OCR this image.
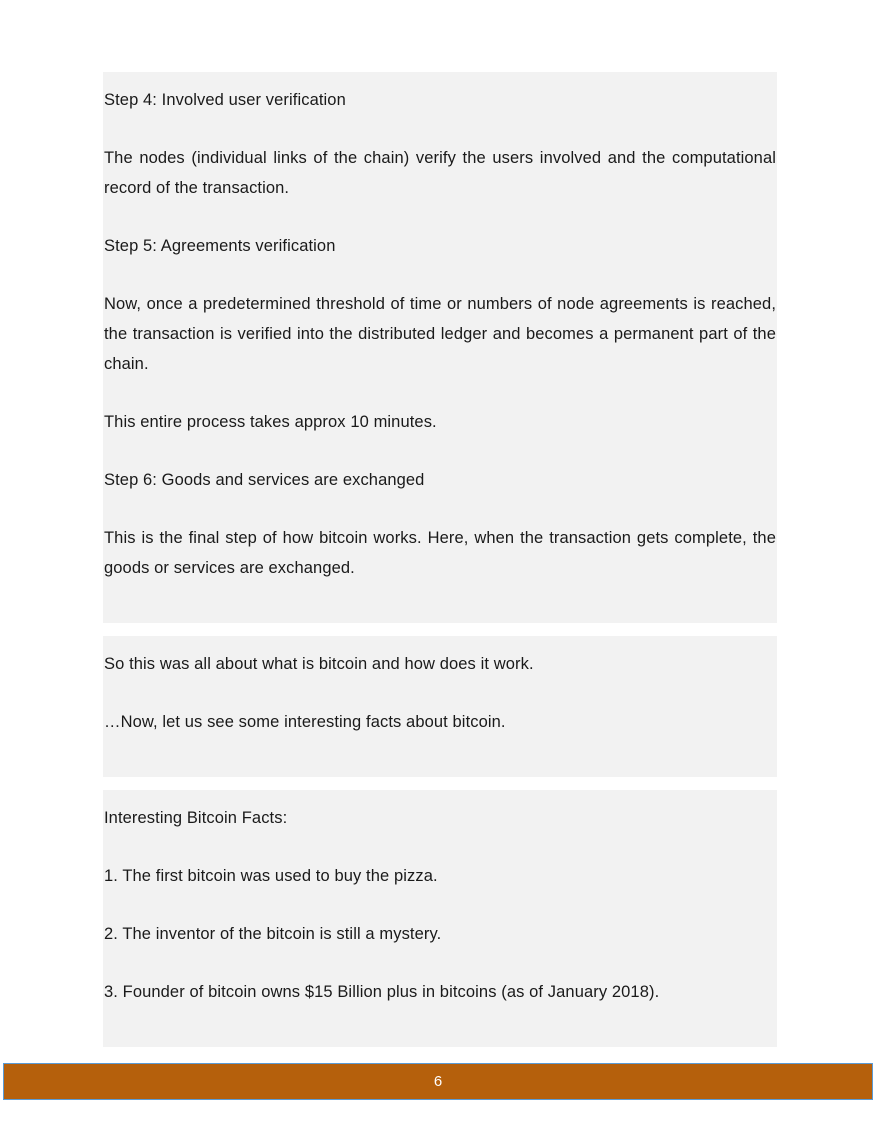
Step 4: Involved user verification

The nodes (individual links of the chain) verify the users involved and the computational record of the transaction.

Step 5: Agreements verification

Now, once a predetermined threshold of time or numbers of node agreements is reached, the transaction is verified into the distributed ledger and becomes a permanent part of the chain.

This entire process takes approx 10 minutes.

Step 6: Goods and services are exchanged

This is the final step of how bitcoin works. Here, when the transaction gets complete, the goods or services are exchanged.

So this was all about what is bitcoin and how does it work.

…Now, let us see some interesting facts about bitcoin.

Interesting Bitcoin Facts:

1. The first bitcoin was used to buy the pizza.

2. The inventor of the bitcoin is still a mystery.

3. Founder of bitcoin owns $15 Billion plus in bitcoins (as of January 2018).

6
